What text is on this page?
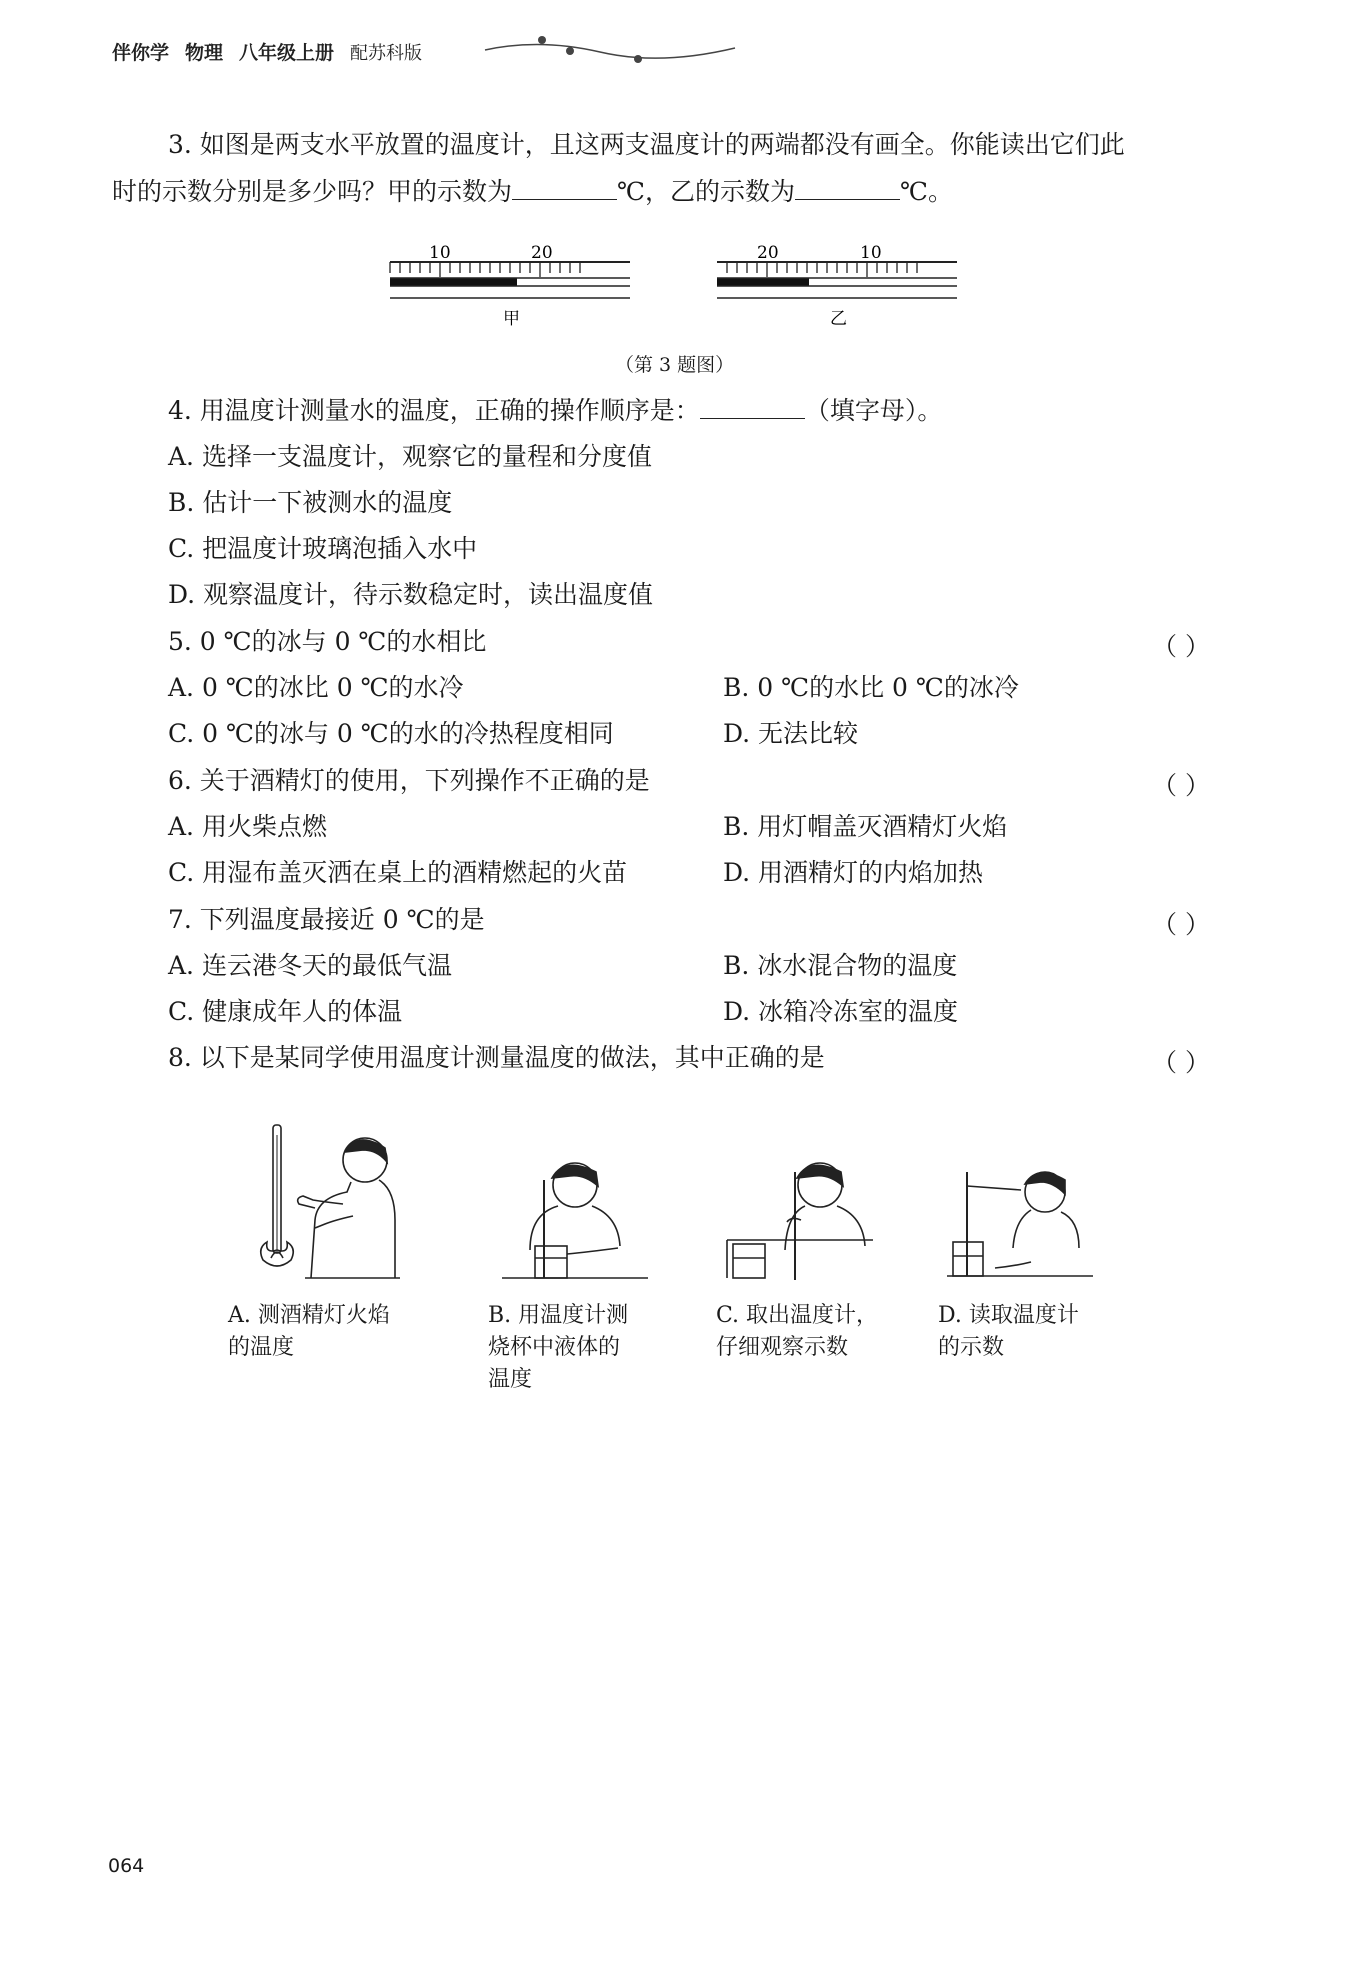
伴你学 物理 八年级上册 配苏科版
3. 如图是两支水平放置的温度计，且这两支温度计的两端都没有画全。你能读出它们此
时的示数分别是多少吗？甲的示数为	℃，乙的示数为	℃。
10	20
甲
20	10
乙
（第 3 题图）
4. 用温度计测量水的温度，正确的操作顺序是：	（填字母）。
A. 选择一支温度计，观察它的量程和分度值
B. 估计一下被测水的温度
C. 把温度计玻璃泡插入水中
D. 观察温度计，待示数稳定时，读出温度值
5. 0 ℃的冰与 0 ℃的水相比	（ ）
A. 0 ℃的冰比 0 ℃的水冷	B. 0 ℃的水比 0 ℃的冰冷
C. 0 ℃的冰与 0 ℃的水的冷热程度相同	D. 无法比较
6. 关于酒精灯的使用，下列操作不正确的是	（ ）
A. 用火柴点燃	B. 用灯帽盖灭酒精灯火焰
C. 用湿布盖灭洒在桌上的酒精燃起的火苗	D. 用酒精灯的内焰加热
7. 下列温度最接近 0 ℃的是	（ ）
A. 连云港冬天的最低气温	B. 冰水混合物的温度
C. 健康成年人的体温	D. 冰箱冷冻室的温度
8. 以下是某同学使用温度计测量温度的做法，其中正确的是	（ ）
A. 测酒精灯火焰
的温度
B. 用温度计测
烧杯中液体的
温度
C. 取出温度计，
仔细观察示数
D. 读取温度计
的示数
064
